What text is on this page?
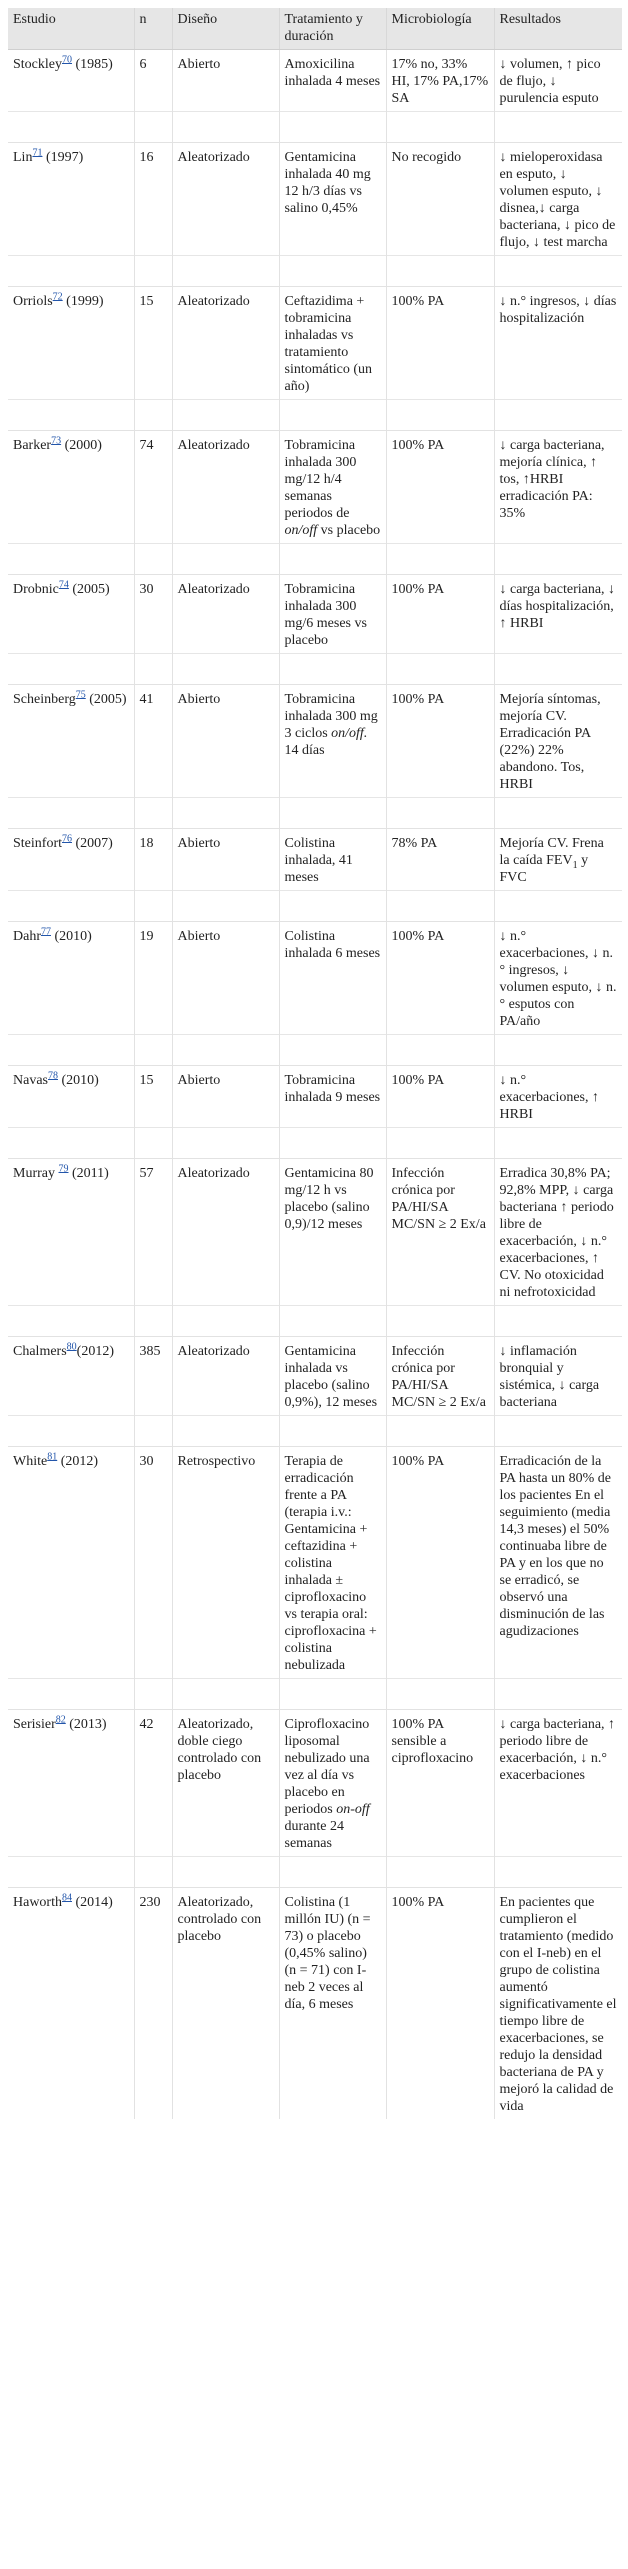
Estudio	n	Diseño	Tratamiento y duración	Microbiología	Resultados
Stockley$^{70}$ (1985)	6	Abierto	Amoxicilina inhalada 4 meses	17% no, 33% HI, 17% PA,17% SA	↓ volumen, ↑ pico de flujo, ↓ purulencia esputo

Lin$^{71}$ (1997)	16	Aleatorizado	Gentamicina inhalada 40 mg 12 h/3 días vs salino 0,45%	No recogido	↓ mieloperoxidasa en esputo, ↓ volumen esputo, ↓ disnea,↓ carga bacteriana, ↓ pico de flujo, ↓ test marcha

Orriols$^{72}$ (1999)	15	Aleatorizado	Ceftazidima + tobramicina inhaladas vs tratamiento sintomático (un año)	100% PA	↓ n.° ingresos, ↓ días hospitalización

Barker$^{73}$ (2000)	74	Aleatorizado	Tobramicina inhalada 300 mg/12 h/4 semanas periodos de on/off vs placebo	100% PA	↓ carga bacteriana, mejoría clínica, ↑ tos, ↑HRBI erradicación PA: 35%

Drobnic$^{74}$ (2005)	30	Aleatorizado	Tobramicina inhalada 300 mg/6 meses vs placebo	100% PA	↓ carga bacteriana, ↓ días hospitalización, ↑ HRBI

Scheinberg$^{75}$ (2005)	41	Abierto	Tobramicina inhalada 300 mg 3 ciclos on/off. 14 días	100% PA	Mejoría síntomas, mejoría CV. Erradicación PA (22%) 22% abandono. Tos, HRBI

Steinfort$^{76}$ (2007)	18	Abierto	Colistina inhalada, 41 meses	78% PA	Mejoría CV. Frena la caída $FEV_1$ y FVC

Dahr$^{77}$ (2010)	19	Abierto	Colistina inhalada 6 meses	100% PA	↓ n.° exacerbaciones, ↓ n.° ingresos, ↓ volumen esputo, ↓ n.° esputos con PA/año

Navas$^{78}$ (2010)	15	Abierto	Tobramicina inhalada 9 meses	100% PA	↓ n.° exacerbaciones, ↑ HRBI

Murray $^{79}$ (2011)	57	Aleatorizado	Gentamicina 80 mg/12 h vs placebo (salino 0,9)/12 meses	Infección crónica por PA/HI/SA MC/SN ≥ 2 Ex/a	Erradica 30,8% PA; 92,8% MPP, ↓ carga bacteriana ↑ periodo libre de exacerbación, ↓ n.° exacerbaciones, ↑ CV. No otoxicidad ni nefrotoxicidad

Chalmers$^{80}$(2012)	385	Aleatorizado	Gentamicina inhalada vs placebo (salino 0,9%), 12 meses	Infección crónica por PA/HI/SA MC/SN ≥ 2 Ex/a	↓ inflamación bronquial y sistémica, ↓ carga bacteriana

White$^{81}$ (2012)	30	Retrospectivo	Terapia de erradicación frente a PA (terapia i.v.: Gentamicina + ceftazidina + colistina inhalada ± ciprofloxacino vs terapia oral: ciprofloxacina + colistina nebulizada	100% PA	Erradicación de la PA hasta un 80% de los pacientes En el seguimiento (media 14,3 meses) el 50% continuaba libre de PA y en los que no se erradicó, se observó una disminución de las agudizaciones

Serisier$^{82}$ (2013)	42	Aleatorizado, doble ciego controlado con placebo	Ciprofloxacino liposomal nebulizado una vez al día vs placebo en periodos on-off durante 24 semanas	100% PA sensible a ciprofloxacino	↓ carga bacteriana, ↑ periodo libre de exacerbación, ↓ n.° exacerbaciones

Haworth$^{84}$ (2014)	230	Aleatorizado, controlado con placebo	Colistina (1 millón IU) (n = 73) o placebo (0,45% salino) (n = 71) con I-neb 2 veces al día, 6 meses	100% PA	En pacientes que cumplieron el tratamiento (medido con el I-neb) en el grupo de colistina aumentó significativamente el tiempo libre de exacerbaciones, se redujo la densidad bacteriana de PA y mejoró la calidad de vida
